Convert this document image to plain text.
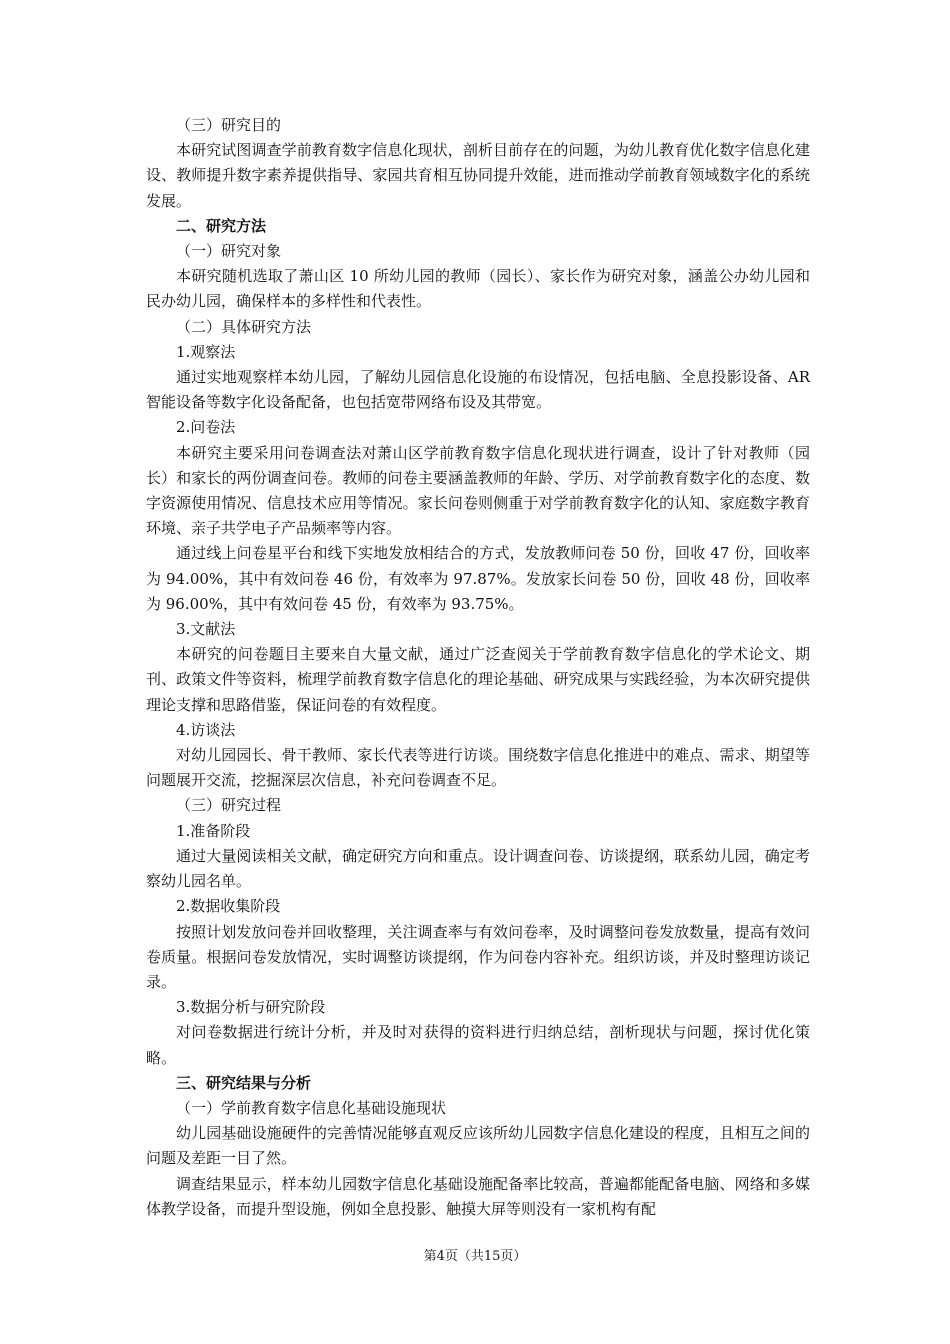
（三）研究目的

本研究试图调查学前教育数字信息化现状，剖析目前存在的问题，为幼儿教育优化数字信息化建设、教师提升数字素养提供指导、家园共育相互协同提升效能，进而推动学前教育领域数字化的系统发展。

二、研究方法

（一）研究对象

本研究随机选取了萧山区 10 所幼儿园的教师（园长）、家长作为研究对象，涵盖公办幼儿园和民办幼儿园，确保样本的多样性和代表性。

（二）具体研究方法

1.观察法

通过实地观察样本幼儿园，了解幼儿园信息化设施的布设情况，包括电脑、全息投影设备、AR 智能设备等数字化设备配备，也包括宽带网络布设及其带宽。

2.问卷法

本研究主要采用问卷调查法对萧山区学前教育数字信息化现状进行调查，设计了针对教师（园长）和家长的两份调查问卷。教师的问卷主要涵盖教师的年龄、学历、对学前教育数字化的态度、数字资源使用情况、信息技术应用等情况。家长问卷则侧重于对学前教育数字化的认知、家庭数字教育环境、亲子共学电子产品频率等内容。

通过线上问卷星平台和线下实地发放相结合的方式，发放教师问卷 50 份，回收 47 份，回收率为 94.00%，其中有效问卷 46 份，有效率为 97.87%。发放家长问卷 50 份，回收 48 份，回收率为 96.00%，其中有效问卷 45 份，有效率为 93.75%。

3.文献法

本研究的问卷题目主要来自大量文献，通过广泛查阅关于学前教育数字信息化的学术论文、期刊、政策文件等资料，梳理学前教育数字信息化的理论基础、研究成果与实践经验，为本次研究提供理论支撑和思路借鉴，保证问卷的有效程度。

4.访谈法

对幼儿园园长、骨干教师、家长代表等进行访谈。围绕数字信息化推进中的难点、需求、期望等问题展开交流，挖掘深层次信息，补充问卷调查不足。

（三）研究过程

1.准备阶段

通过大量阅读相关文献，确定研究方向和重点。设计调查问卷、访谈提纲，联系幼儿园，确定考察幼儿园名单。

2.数据收集阶段

按照计划发放问卷并回收整理，关注调查率与有效问卷率，及时调整问卷发放数量，提高有效问卷质量。根据问卷发放情况，实时调整访谈提纲，作为问卷内容补充。组织访谈，并及时整理访谈记录。

3.数据分析与研究阶段

对问卷数据进行统计分析，并及时对获得的资料进行归纳总结，剖析现状与问题，探讨优化策略。

三、研究结果与分析

（一）学前教育数字信息化基础设施现状

幼儿园基础设施硬件的完善情况能够直观反应该所幼儿园数字信息化建设的程度，且相互之间的问题及差距一目了然。

调查结果显示，样本幼儿园数字信息化基础设施配备率比较高，普遍都能配备电脑、网络和多媒体教学设备，而提升型设施，例如全息投影、触摸大屏等则没有一家机构有配

第4页（共15页）
